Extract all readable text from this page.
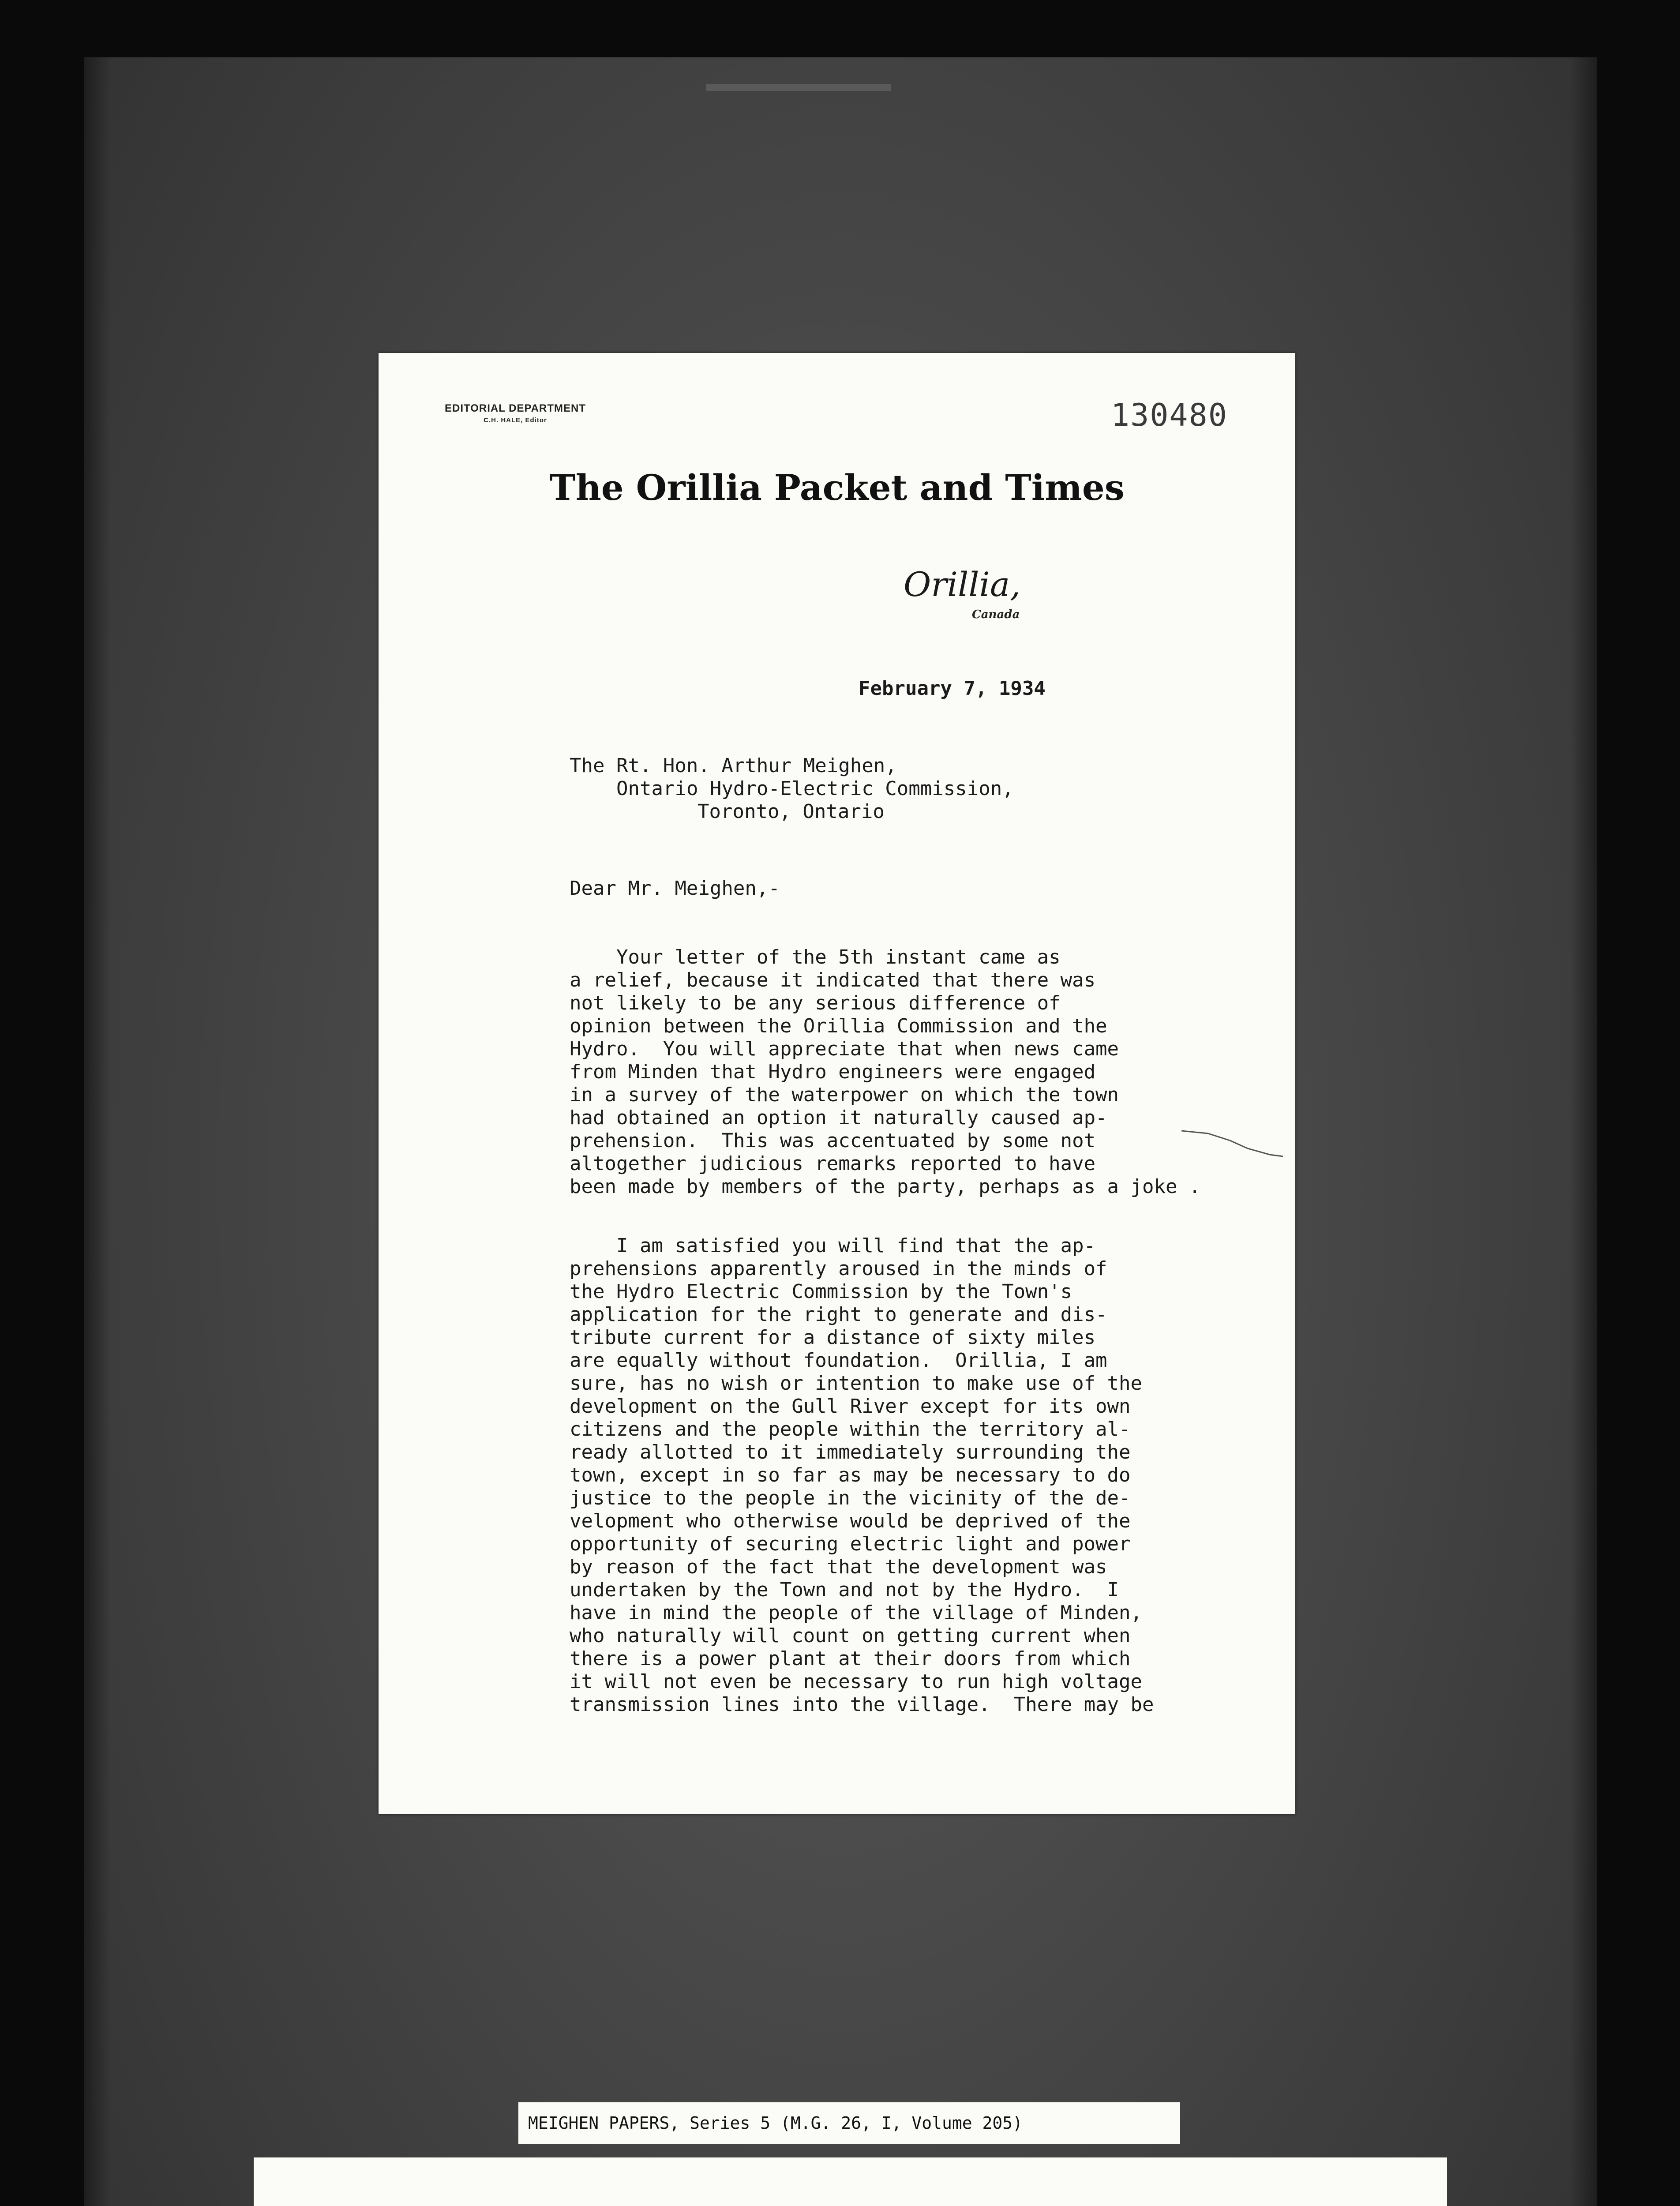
EDITORIAL DEPARTMENT
C.H. HALE, Editor	130480
The Orillia Packet and Times
Orillia,
Canada
February 7, 1934
The Rt. Hon. Arthur Meighen,
Ontario Hydro-Electric Commission,
Toronto, Ontario
Dear Mr. Meighen,-
Your letter of the 5th instant came as
a relief, because it indicated that there was
not likely to be any serious difference of
opinion between the Orillia Commission and the
Hydro.  You will appreciate that when news came
from Minden that Hydro engineers were engaged
in a survey of the waterpower on which the town
had obtained an option it naturally caused ap-
prehension.  This was accentuated by some not
altogether judicious remarks reported to have
been made by members of the party, perhaps as a joke .
I am satisfied you will find that the ap-
prehensions apparently aroused in the minds of
the Hydro Electric Commission by the Town's
application for the right to generate and dis-
tribute current for a distance of sixty miles
are equally without foundation.  Orillia, I am
sure, has no wish or intention to make use of the
development on the Gull River except for its own
citizens and the people within the territory al-
ready allotted to it immediately surrounding the
town, except in so far as may be necessary to do
justice to the people in the vicinity of the de-
velopment who otherwise would be deprived of the
opportunity of securing electric light and power
by reason of the fact that the development was
undertaken by the Town and not by the Hydro.  I
have in mind the people of the village of Minden,
who naturally will count on getting current when
there is a power plant at their doors from which
it will not even be necessary to run high voltage
transmission lines into the village.  There may be
MEIGHEN PAPERS, Series 5 (M.G. 26, I, Volume 205)
